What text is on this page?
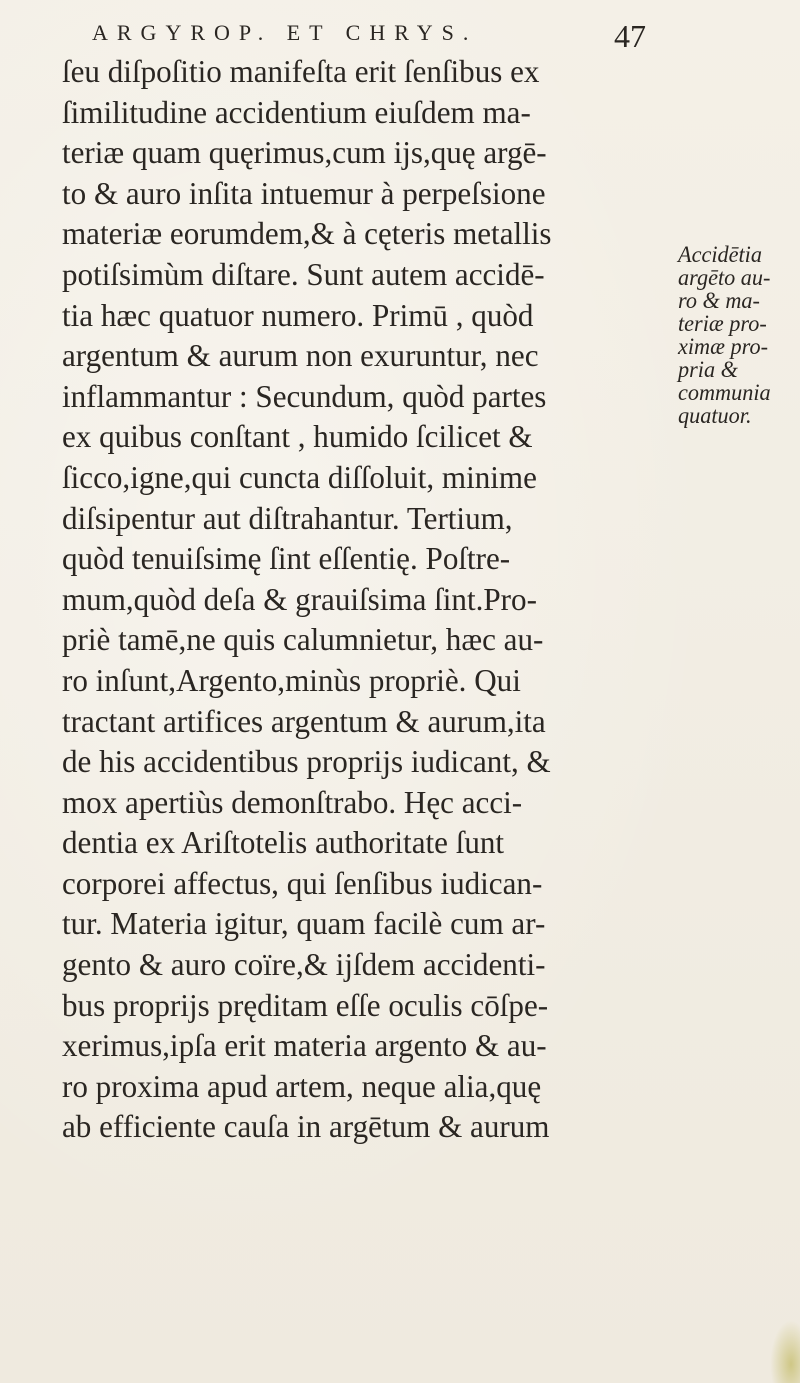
ARGYROP. ET CHRYS.	47
ſeu diſpoſitio manifeſta erit ſenſibus ex
ſimilitudine accidentium eiuſdem ma-
teriæ quam quęrimus,cum ijs,quę argē-
to & auro inſita intuemur à perpeſsione
materiæ eorumdem,& à cęteris metallis
potiſsimùm diſtare. Sunt autem accidē-
tia hæc quatuor numero. Primū , quòd
argentum & aurum non exuruntur, nec
inflammantur : Secundum, quòd partes
ex quibus conſtant , humido ſcilicet &
ſicco,igne,qui cuncta diſſoluit, minime
diſsipentur aut diſtrahantur. Tertium,
quòd tenuiſsimę ſint eſſentię. Poſtre-
mum,quòd deſa & grauiſsima ſint.Pro-
priè tamē,ne quis calumnietur, hæc au-
ro inſunt,Argento,minùs propriè. Qui
tractant artifices argentum & aurum,ita
de his accidentibus proprijs iudicant, &
mox apertiùs demonſtrabo. Hęc acci-
dentia ex Ariſtotelis authoritate ſunt
corporei affectus, qui ſenſibus iudican-
tur. Materia igitur, quam facilè cum ar-
gento & auro coïre,& ijſdem accidenti-
bus proprijs pręditam eſſe oculis cōſpe-
xerimus,ipſa erit materia argento & au-
ro proxima apud artem, neque alia,quę
ab efficiente cauſa in argētum & aurum
Accidētia
argēto au-
ro & ma-
teriæ pro-
ximæ pro-
pria &
communia
quatuor.
